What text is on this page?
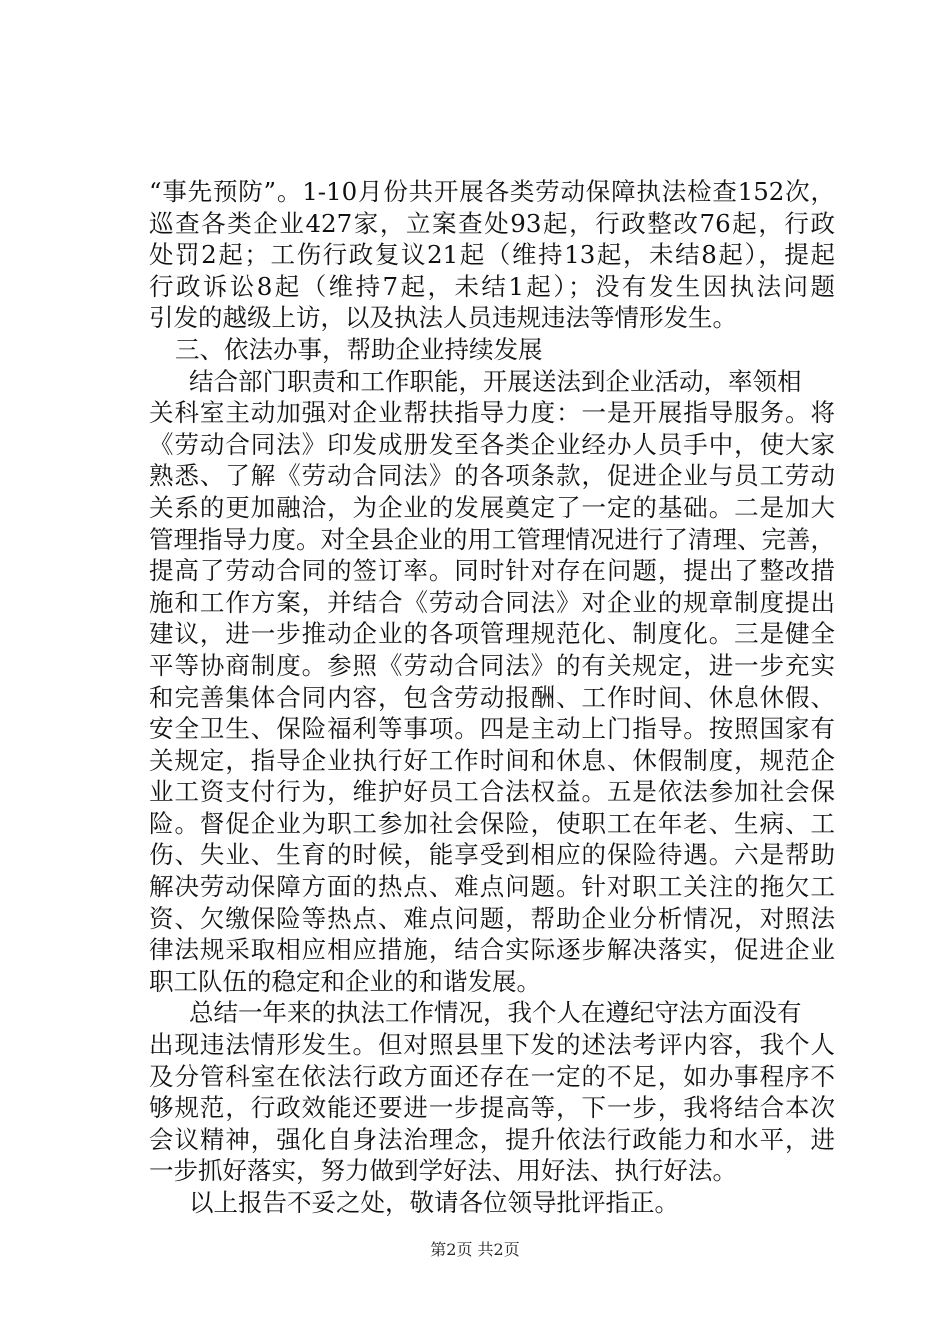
“事先预防”。1-10月份共开展各类劳动保障执法检查152次，
巡查各类企业427家，立案查处93起，行政整改76起，行政
处罚2起；工伤行政复议21起（维持13起，未结8起），提起
行政诉讼8起（维持7起，未结1起）；没有发生因执法问题
引发的越级上访，以及执法人员违规违法等情形发生。
三、依法办事，帮助企业持续发展
结合部门职责和工作职能，开展送法到企业活动，率领相
关科室主动加强对企业帮扶指导力度：一是开展指导服务。将
《劳动合同法》印发成册发至各类企业经办人员手中，使大家
熟悉、了解《劳动合同法》的各项条款，促进企业与员工劳动
关系的更加融洽，为企业的发展奠定了一定的基础。二是加大
管理指导力度。对全县企业的用工管理情况进行了清理、完善，
提高了劳动合同的签订率。同时针对存在问题，提出了整改措
施和工作方案，并结合《劳动合同法》对企业的规章制度提出
建议，进一步推动企业的各项管理规范化、制度化。三是健全
平等协商制度。参照《劳动合同法》的有关规定，进一步充实
和完善集体合同内容，包含劳动报酬、工作时间、休息休假、
安全卫生、保险福利等事项。四是主动上门指导。按照国家有
关规定，指导企业执行好工作时间和休息、休假制度，规范企
业工资支付行为，维护好员工合法权益。五是依法参加社会保
险。督促企业为职工参加社会保险，使职工在年老、生病、工
伤、失业、生育的时候，能享受到相应的保险待遇。六是帮助
解决劳动保障方面的热点、难点问题。针对职工关注的拖欠工
资、欠缴保险等热点、难点问题，帮助企业分析情况，对照法
律法规采取相应相应措施，结合实际逐步解决落实，促进企业
职工队伍的稳定和企业的和谐发展。
总结一年来的执法工作情况，我个人在遵纪守法方面没有
出现违法情形发生。但对照县里下发的述法考评内容，我个人
及分管科室在依法行政方面还存在一定的不足，如办事程序不
够规范，行政效能还要进一步提高等，下一步，我将结合本次
会议精神，强化自身法治理念，提升依法行政能力和水平，进
一步抓好落实，努力做到学好法、用好法、执行好法。
以上报告不妥之处，敬请各位领导批评指正。
第2页 共2页
